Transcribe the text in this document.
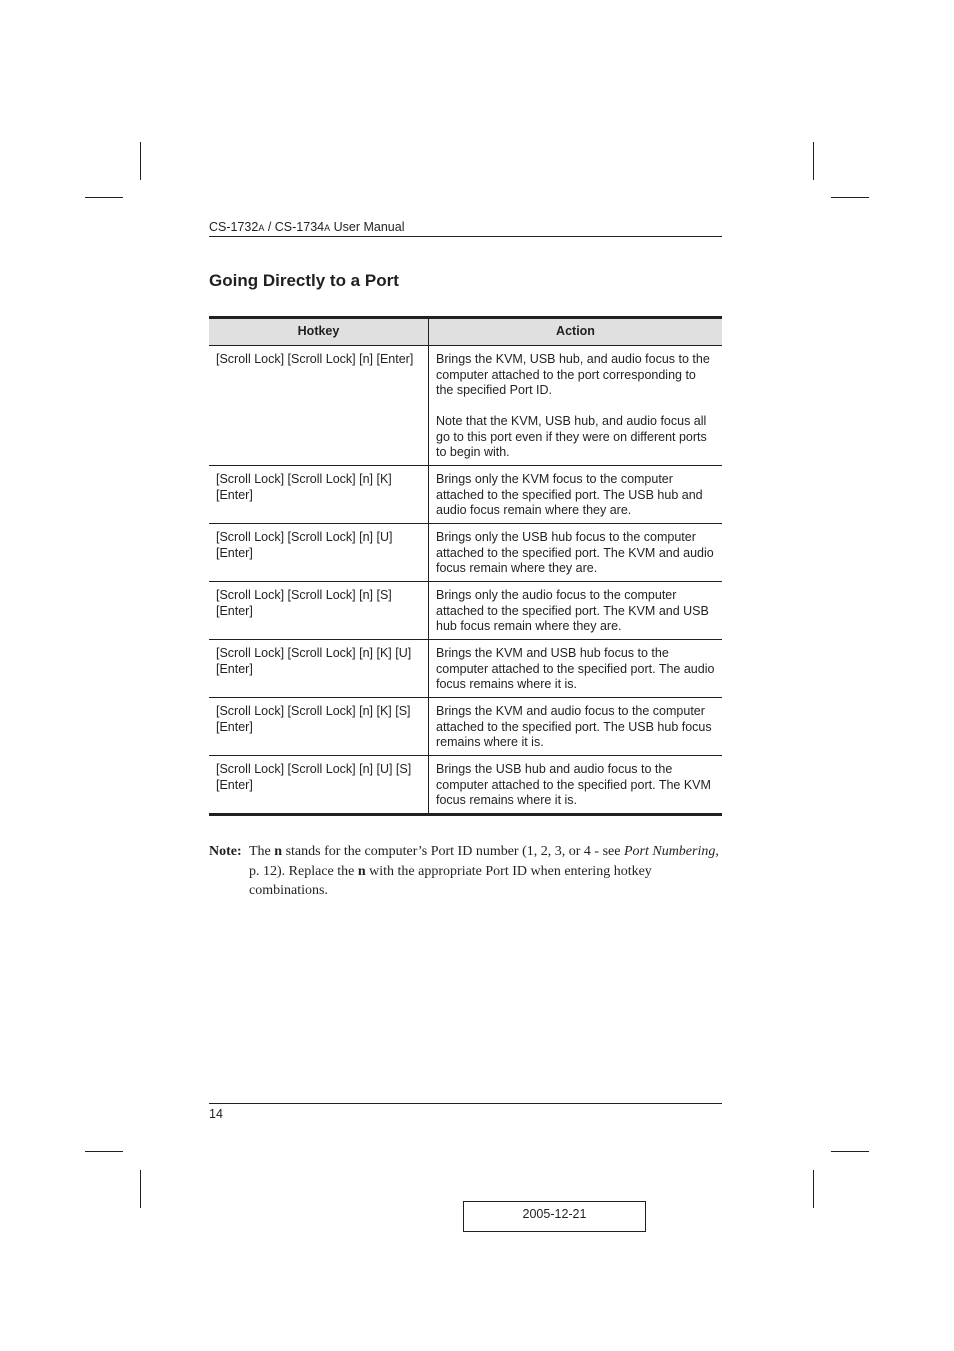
CS-1732A / CS-1734A User Manual
Going Directly to a Port
Hotkey	Action
[Scroll Lock] [Scroll Lock] [n] [Enter]	Brings the KVM, USB hub, and audio focus to the computer attached to the port corresponding to the specified Port ID.

Note that the KVM, USB hub, and audio focus all go to this port even if they were on different ports to begin with.

[Scroll Lock] [Scroll Lock] [n] [K] [Enter]	Brings only the KVM focus to the computer attached to the specified port. The USB hub and audio focus remain where they are.
[Scroll Lock] [Scroll Lock] [n] [U] [Enter]	Brings only the USB hub focus to the computer attached to the specified port. The KVM and audio focus remain where they are.
[Scroll Lock] [Scroll Lock] [n] [S] [Enter]	Brings only the audio focus to the computer attached to the specified port. The KVM and USB hub focus remain where they are.
[Scroll Lock] [Scroll Lock] [n] [K] [U] [Enter]	Brings the KVM and USB hub focus to the computer attached to the specified port. The audio focus remains where it is.
[Scroll Lock] [Scroll Lock] [n] [K] [S] [Enter]	Brings the KVM and audio focus to the computer attached to the specified port. The USB hub focus remains where it is.
[Scroll Lock] [Scroll Lock] [n] [U] [S] [Enter]	Brings the USB hub and audio focus to the computer attached to the specified port. The KVM focus remains where it is.
Note: The n stands for the computer’s Port ID number (1, 2, 3, or 4 - see Port Numbering, p. 12). Replace the n with the appropriate Port ID when entering hotkey combinations.
14
2005-12-21
